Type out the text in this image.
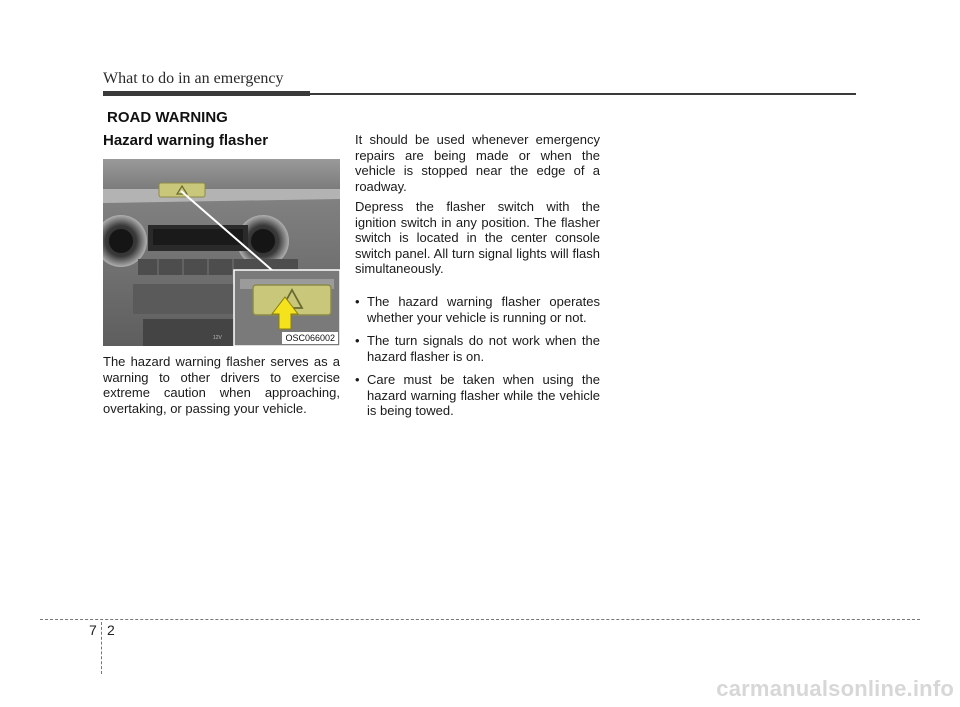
What to do in an emergency
ROAD WARNING
Hazard warning flasher
12V	OSC066002

The hazard warning flasher serves as a warning to other drivers to exercise extreme caution when approaching, overtaking, or passing your vehicle.

It should be used whenever emergency repairs are being made or when the vehicle is stopped near the edge of a roadway.

Depress the flasher switch with the ignition switch in any position. The flasher switch is located in the center console switch panel. All turn signal lights will flash simultaneously.

• The hazard warning flasher operates whether your vehicle is running or not.
• The turn signals do not work when the hazard flasher is on.
• Care must be taken when using the hazard warning flasher while the vehicle is being towed.
7 2
carmanualsonline.info
